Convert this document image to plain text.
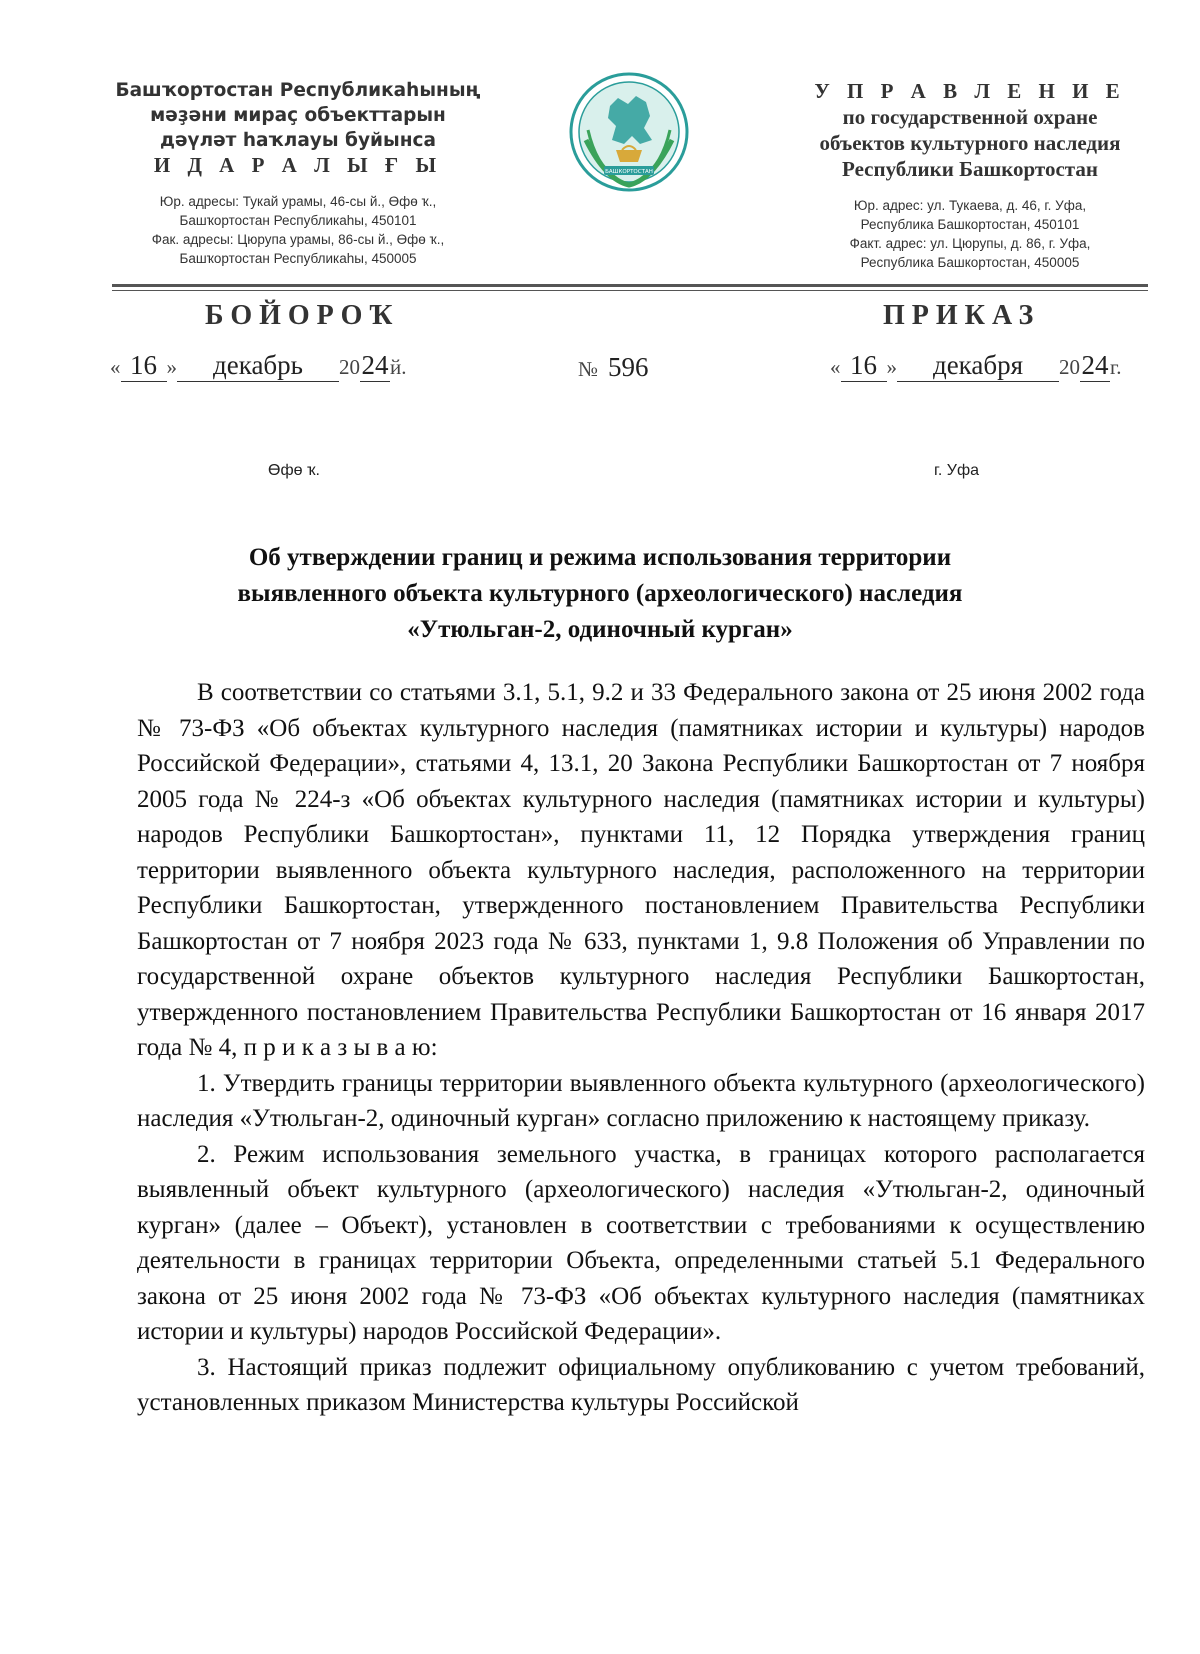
Башҡортостан Республикаһының
мәҙәни мираҫ объекттарын
дәүләт һаҡлауы буйынса
И Д А Р А Л Ы Ғ Ы
Юр. адресы: Тукай урамы, 46-сы й., Өфө ҡ.,
Башҡортостан Республикаһы, 450101
Фак. адресы: Цюрупа урамы, 86-сы й., Өфө ҡ.,
Башҡортостан Республикаһы, 450005
БАШКОРТОСТАН
У П Р А В Л Е Н И Е
по государственной охране
объектов культурного наследия
Республики Башкортостан
Юр. адрес: ул. Тукаева, д. 46, г. Уфа,
Республика Башкортостан, 450101
Факт. адрес: ул. Цюрупы, д. 86, г. Уфа,
Республика Башкортостан, 450005
БОЙОРОҠ	ПРИКАЗ
« 16 » декабрь 2024й.	№ 596	« 16 » декабря 2024г.
Өфө ҡ.	г. Уфа
Об утверждении границ и режима использования территории
выявленного объекта культурного (археологического) наследия
«Утюльган-2, одиночный курган»

В соответствии со статьями 3.1, 5.1, 9.2 и 33 Федерального закона от 25 июня 2002 года № 73-ФЗ «Об объектах культурного наследия (памятниках истории и культуры) народов Российской Федерации», статьями 4, 13.1, 20 Закона Республики Башкортостан от 7 ноября 2005 года № 224-з «Об объектах культурного наследия (памятниках истории и культуры) народов Республики Башкортостан», пунктами 11, 12 Порядка утверждения границ территории выявленного объекта культурного наследия, расположенного на территории Республики Башкортостан, утвержденного постановлением Правительства Республики Башкортостан от 7 ноября 2023 года № 633, пунктами 1, 9.8 Положения об Управлении по государственной охране объектов культурного наследия Республики Башкортостан, утвержденного постановлением Правительства Республики Башкортостан от 16 января 2017 года № 4, п р и к а з ы в а ю:

1. Утвердить границы территории выявленного объекта культурного (археологического) наследия «Утюльган-2, одиночный курган» согласно приложению к настоящему приказу.

2. Режим использования земельного участка, в границах которого располагается выявленный объект культурного (археологического) наследия «Утюльган-2, одиночный курган» (далее – Объект), установлен в соответствии с требованиями к осуществлению деятельности в границах территории Объекта, определенными статьей 5.1 Федерального закона от 25 июня 2002 года № 73-ФЗ «Об объектах культурного наследия (памятниках истории и культуры) народов Российской Федерации».

3. Настоящий приказ подлежит официальному опубликованию с учетом требований, установленных приказом Министерства культуры Российской
